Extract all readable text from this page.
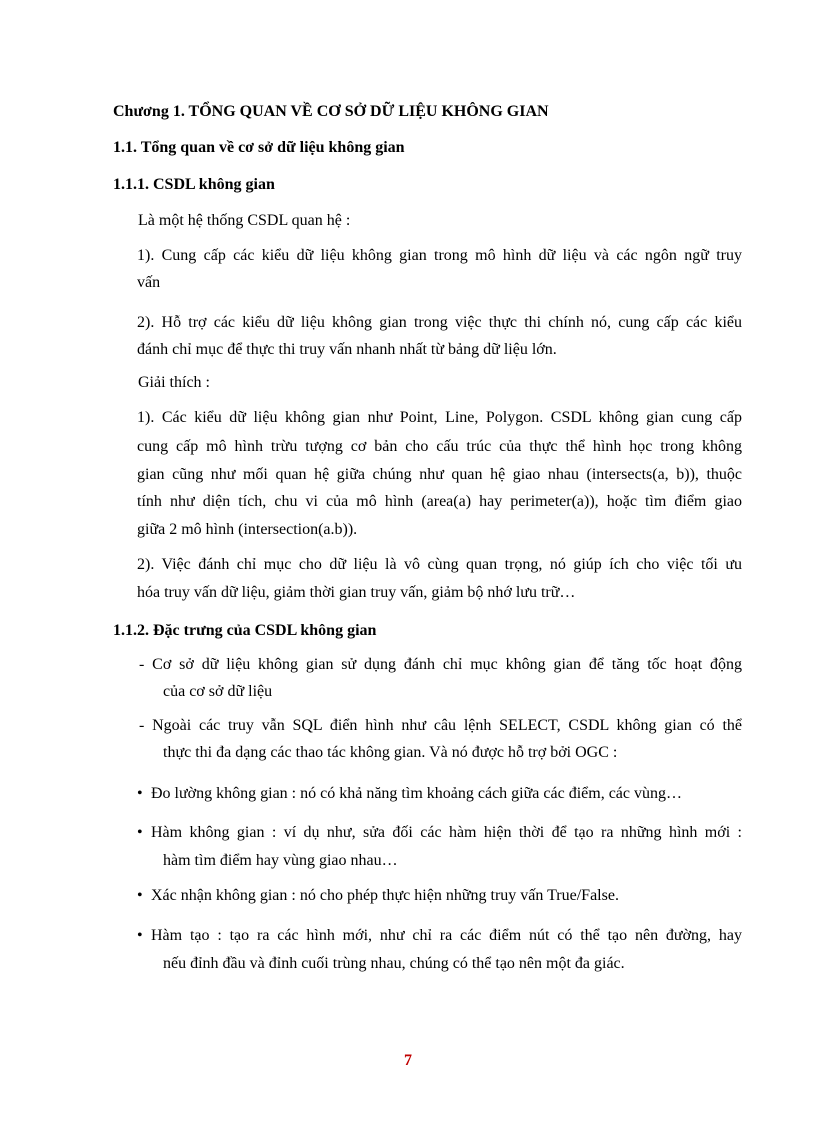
Chương 1. TỔNG QUAN VỀ CƠ SỞ DỮ LIỆU KHÔNG GIAN
1.1. Tổng quan về cơ sở dữ liệu không gian
1.1.1. CSDL không gian
Là một hệ thống CSDL quan hệ :
1). Cung cấp các kiểu dữ liệu không gian trong mô hình dữ liệu và các ngôn ngữ truy
vấn
2). Hỗ trợ các kiểu dữ liệu không gian trong việc thực thi chính nó, cung cấp các kiểu
đánh chỉ mục để thực thi truy vấn nhanh nhất từ bảng dữ liệu lớn.
Giải thích :
1). Các kiểu dữ liệu không gian như Point, Line, Polygon. CSDL không gian cung cấp
cung cấp mô hình trừu tượng cơ bản cho cấu trúc của thực thể hình học trong không
gian cũng như mối quan hệ giữa chúng như quan hệ giao nhau (intersects(a, b)), thuộc
tính như diện tích, chu vi của mô hình (area(a) hay perimeter(a)), hoặc tìm điểm giao
giữa 2 mô hình (intersection(a.b)).
2). Việc đánh chỉ mục cho dữ liệu là vô cùng quan trọng, nó giúp ích cho việc tối ưu
hóa truy vấn dữ liệu, giảm thời gian truy vấn, giảm bộ nhớ lưu trữ…
1.1.2. Đặc trưng của CSDL không gian
- Cơ sở dữ liệu không gian sử dụng đánh chỉ mục không gian để tăng tốc hoạt động
của cơ sở dữ liệu
- Ngoài các truy vẫn SQL điển hình như câu lệnh SELECT, CSDL không gian có thể
thực thi đa dạng các thao tác không gian. Và nó được hỗ trợ bởi OGC :
• Đo lường không gian : nó có khả năng tìm khoảng cách giữa các điểm, các vùng…
• Hàm không gian : ví dụ như, sửa đối các hàm hiện thời để tạo ra những hình mới :
hàm tìm điểm hay vùng giao nhau…
• Xác nhận không gian : nó cho phép thực hiện những truy vấn True/False.
• Hàm tạo : tạo ra các hình mới, như chỉ ra các điểm nút có thể tạo nên đường, hay
nếu đỉnh đầu và đỉnh cuối trùng nhau, chúng có thể tạo nên một đa giác.
7
